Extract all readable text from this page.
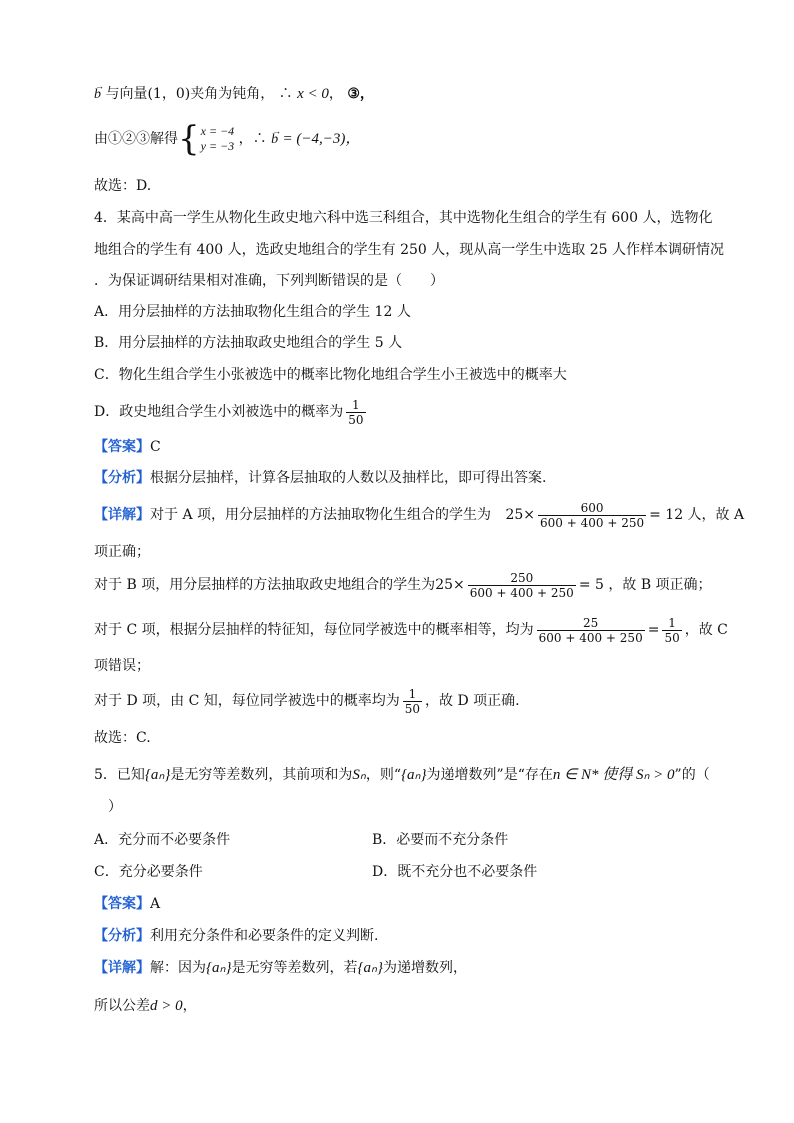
→
b 与向量(1，0)夹角为钝角， ∴ x < 0， ③，
由①②③解得{ x = −4
y = −3 ，∴ →
b = (−4,−3)，
故选：D.
4．某高中高一学生从物化生政史地六科中选三科组合，其中选物化生组合的学生有 600 人，选物化
地组合的学生有 400 人，选政史地组合的学生有 250 人，现从高一学生中选取 25 人作样本调研情况
．为保证调研结果相对准确，下列判断错误的是（　　）
A．用分层抽样的方法抽取物化生组合的学生 12 人
B．用分层抽样的方法抽取政史地组合的学生 5 人
C．物化生组合学生小张被选中的概率比物化地组合学生小王被选中的概率大
D．政史地组合学生小刘被选中的概率为 $\frac{1}{50}$
【答案】C
【分析】根据分层抽样，计算各层抽取的人数以及抽样比，即可得出答案.
【详解】对于 A 项，用分层抽样的方法抽取物化生组合的学生为 $25\times \frac{600}{600 + 400 + 250} = 12$ 人，故 A
项正确；
对于 B 项，用分层抽样的方法抽取政史地组合的学生为$25\times \frac{250}{600 + 400 + 250} = 5$ ，故 B 项正确；
对于 C 项，根据分层抽样的特征知，每位同学被选中的概率相等，均为 $\frac{25}{600 + 400 + 250} = \frac{1}{50}$ ，故 C
项错误；
对于 D 项，由 C 知，每位同学被选中的概率均为 $\frac{1}{50}$ ，故 D 项正确.
故选：C.
5．已知{aₙ}是无穷等差数列，其前项和为Sₙ，则“{aₙ}为递增数列”是“存在n ∈ N* 使得 Sₙ > 0”的（
　）
A．充分而不必要条件	B．必要而不充分条件
C．充分必要条件	D．既不充分也不必要条件
【答案】A
【分析】利用充分条件和必要条件的定义判断.
【详解】解：因为{aₙ}是无穷等差数列，若{aₙ}为递增数列，
所以公差d > 0，
